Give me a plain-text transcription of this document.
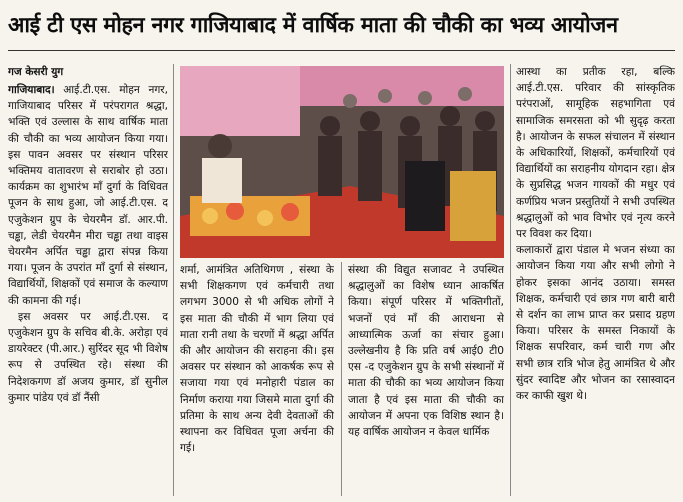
आई टी एस मोहन नगर गाजियाबाद में वार्षिक माता की चौकी का भव्य आयोजन
गज केसरी युग

गाजियाबाद। आई.टी.एस. मोहन नगर, गाजियाबाद परिसर में परंपरागत श्रद्धा, भक्ति एवं उल्लास के साथ वार्षिक माता की चौकी का भव्य आयोजन किया गया। इस पावन अवसर पर संस्थान परिसर भक्तिमय वातावरण से सराबोर हो उठा। कार्यक्रम का शुभारंभ माँ दुर्गा के विधिवत पूजन के साथ हुआ, जो आई.टी.एस. द एजुकेशन ग्रुप के चेयरमैन डॉ. आर.पी. चड्ढा, लेडी चेयरमैन मीरा चड्ढा तथा वाइस चेयरमैन अर्पित चड्ढा द्वारा संपन्न किया गया। पूजन के उपरांत माँ दुर्गा से संस्थान, विद्यार्थियों, शिक्षकों एवं समाज के कल्याण की कामना की गई।

इस अवसर पर आई.टी.एस. द एजुकेशन ग्रुप के सचिव बी.के. अरोड़ा एवं डायरेक्टर (पी.आर.) सुरिंदर सूद भी विशेष रूप से उपस्थित रहे। संस्था की निदेशकगण डॉ अजय कुमार, डॉ सुनील कुमार पांडेय एवं डॉ नैंसी

शर्मा, आमंत्रित अतिथिगण , संस्था के सभी शिक्षकगण एवं कर्मचारी तथा लगभग 3000 से भी अधिक लोगों ने इस माता की चौकी में भाग लिया एवं माता रानी तथा के चरणों में श्रद्धा अर्पित की और आयोजन की सराहना की। इस अवसर पर संस्थान को आकर्षक रूप से सजाया गया एवं मनोहारी पंडाल का निर्माण कराया गया जिसमे माता दुर्गा की प्रतिमा के साथ अन्य देवी देवताओं की स्थापना कर विधिवत पूजा अर्चना की गई।

संस्था की विद्युत सजावट ने उपस्थित श्रद्धालुओं का विशेष ध्यान आकर्षित किया। संपूर्ण परिसर में भक्तिगीतों, भजनों एवं माँ की आराधना से आध्यात्मिक ऊर्जा का संचार हुआ।उल्लेखनीय है कि प्रति वर्ष आई0 टी0 एस -द एजुकेशन ग्रुप के सभी संस्थानों में माता की चौकी का भव्य आयोजन किया जाता है एवं इस माता की चौकी का आयोजन में अपना एक विशिष्ठ स्थान है। यह वार्षिक आयोजन न केवल धार्मिक

आस्था का प्रतीक रहा, बल्कि आई.टी.एस. परिवार की सांस्कृतिक परंपराओं, सामूहिक सहभागिता एवं सामाजिक समरसता को भी सुदृढ़ करता है। आयोजन के सफल संचालन में संस्थान के अधिकारियों, शिक्षकों, कर्मचारियों एवं विद्यार्थियों का सराहनीय योगदान रहा। क्षेत्र के सुप्रसिद्ध भजन गायकों की मधुर एवं कर्णप्रिय भजन प्रस्तुतियों ने सभी उपस्थित श्रद्धालुओं को भाव विभोर एवं नृत्य करने पर विवश कर दिया।

कलाकारों द्वारा पंडाल मे भजन संध्या का आयोजन किया गया और सभी लोगो ने होकर इसका आनंद उठाया। समस्त शिक्षक, कर्मचारी एवं छात्र गण बारी बारी से दर्शन का लाभ प्राप्त कर प्रसाद ग्रहण किया। परिसर के समस्त निकायों के शिक्षक सपरिवार, कर्म चारी गण और सभी छात्र रात्रि भोज हेतु आमंत्रित थे और सुंदर स्वादिष्ट और भोजन का रसास्वादन कर काफी खुश थे।
